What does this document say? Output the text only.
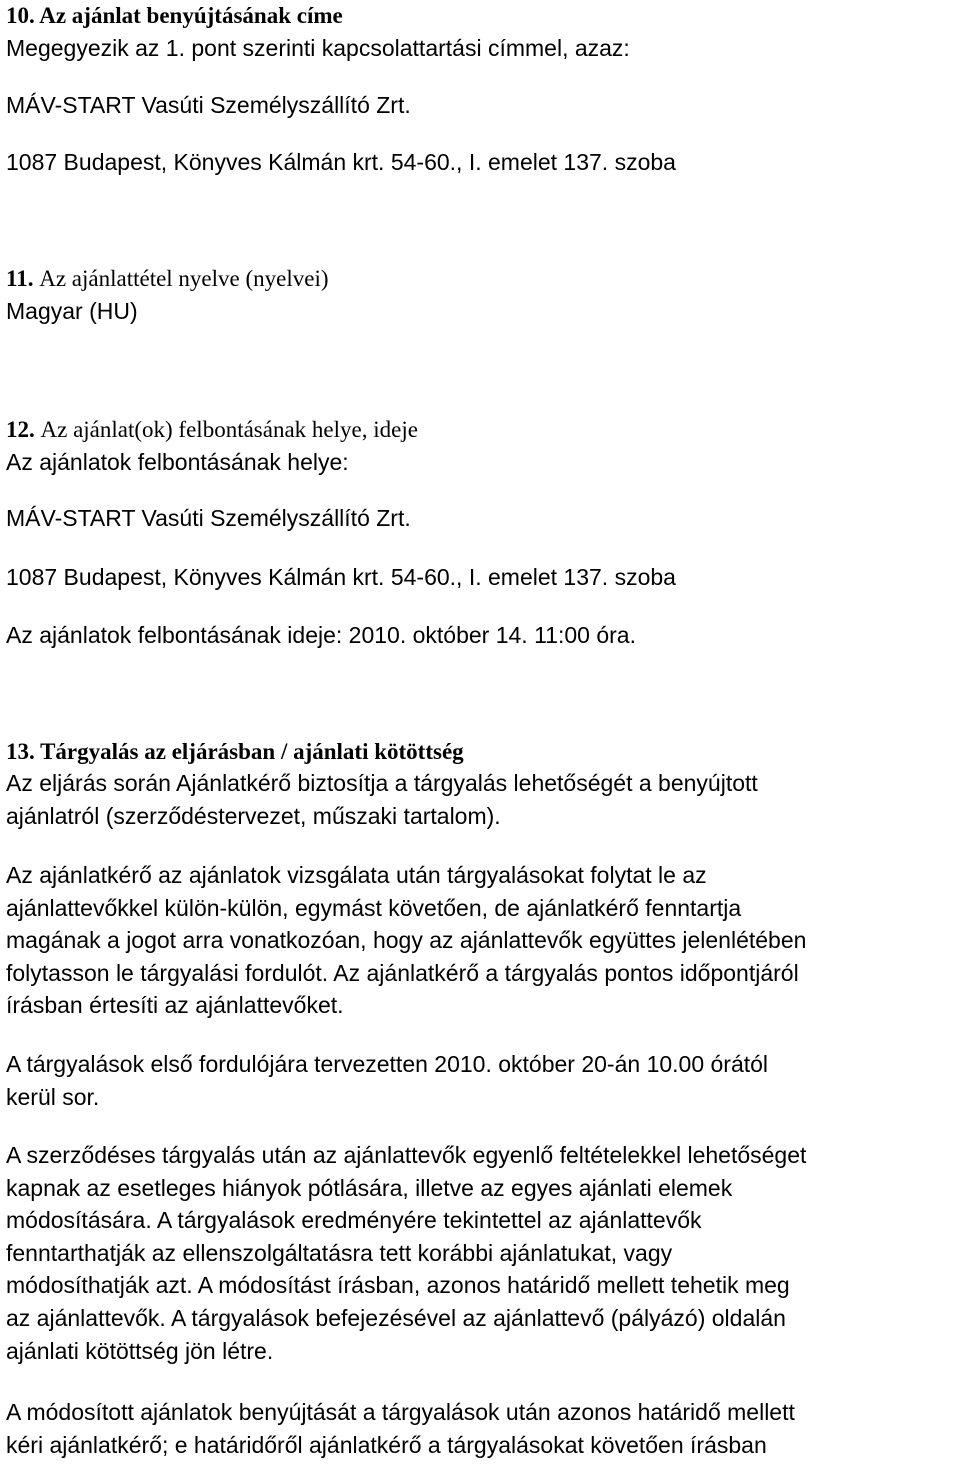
10. Az ajánlat benyújtásának címe

Megegyezik az 1. pont szerinti kapcsolattartási címmel, azaz:

MÁV-START Vasúti Személyszállító Zrt.

1087 Budapest, Könyves Kálmán krt. 54-60., I. emelet 137. szoba

11. Az ajánlattétel nyelve (nyelvei)

Magyar (HU)

12. Az ajánlat(ok) felbontásának helye, ideje

Az ajánlatok felbontásának helye:

MÁV-START Vasúti Személyszállító Zrt.

1087 Budapest, Könyves Kálmán krt. 54-60., I. emelet 137. szoba

Az ajánlatok felbontásának ideje: 2010. október 14. 11:00 óra.

13. Tárgyalás az eljárásban / ajánlati kötöttség

Az eljárás során Ajánlatkérő biztosítja a tárgyalás lehetőségét a benyújtott
ajánlatról (szerződéstervezet, műszaki tartalom).
Az ajánlatkérő az ajánlatok vizsgálata után tárgyalásokat folytat le az
ajánlattevőkkel külön-külön, egymást követően, de ajánlatkérő fenntartja
magának a jogot arra vonatkozóan, hogy az ajánlattevők együttes jelenlétében
folytasson le tárgyalási fordulót. Az ajánlatkérő a tárgyalás pontos időpontjáról
írásban értesíti az ajánlattevőket.
A tárgyalások első fordulójára tervezetten 2010. október 20-án 10.00 órától
kerül sor.
A szerződéses tárgyalás után az ajánlattevők egyenlő feltételekkel lehetőséget
kapnak az esetleges hiányok pótlására, illetve az egyes ajánlati elemek
módosítására. A tárgyalások eredményére tekintettel az ajánlattevők
fenntarthatják az ellenszolgáltatásra tett korábbi ajánlatukat, vagy
módosíthatják azt. A módosítást írásban, azonos határidő mellett tehetik meg
az ajánlattevők. A tárgyalások befejezésével az ajánlattevő (pályázó) oldalán
ajánlati kötöttség jön létre.
A módosított ajánlatok benyújtását a tárgyalások után azonos határidő mellett
kéri ajánlatkérő; e határidőről ajánlatkérő a tárgyalásokat követően írásban
